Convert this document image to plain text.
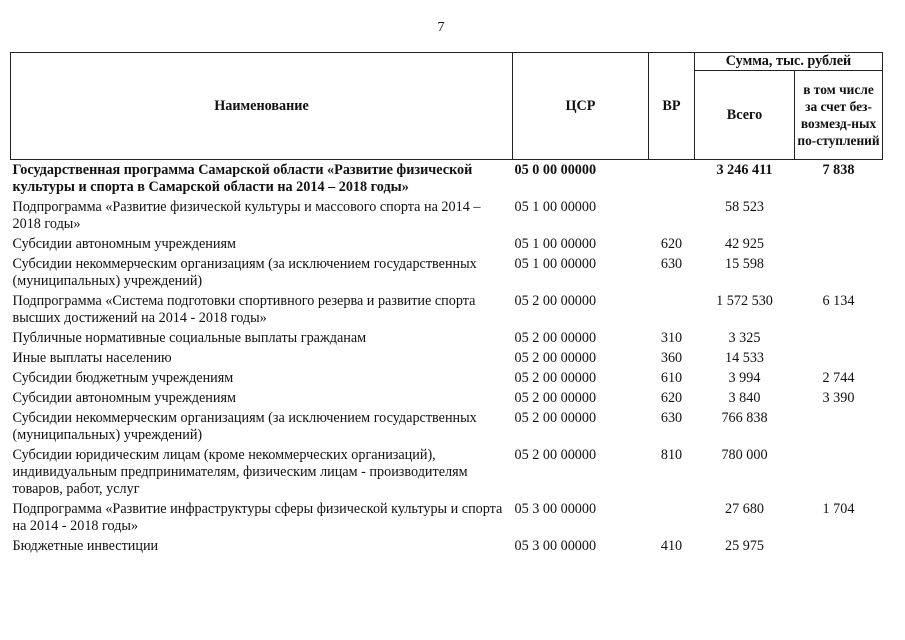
7
Наименование	ЦСР	ВР	Сумма, тыс. рублей	
			Всего	в том числе за счет без-возмезд-ных по-ступлений
Государственная программа Самарской области «Развитие физической культуры и спорта в Самарской области на 2014 – 2018 годы»	05 0 00 00000		3 246 411	7 838
Подпрограмма «Развитие физической культуры и массового спорта на 2014 – 2018 годы»	05 1 00 00000		58 523	
Субсидии автономным учреждениям	05 1 00 00000	620	42 925	
Субсидии некоммерческим организациям (за исключением государственных (муниципальных) учреждений)	05 1 00 00000	630	15 598	
Подпрограмма «Система подготовки спортивного резерва и развитие спорта высших достижений на 2014 - 2018 годы»	05 2 00 00000		1 572 530	6 134
Публичные нормативные социальные выплаты гражданам	05 2 00 00000	310	3 325	
Иные выплаты населению	05 2 00 00000	360	14 533	
Субсидии бюджетным учреждениям	05 2 00 00000	610	3 994	2 744
Субсидии автономным учреждениям	05 2 00 00000	620	3 840	3 390
Субсидии некоммерческим организациям (за исключением государственных (муниципальных) учреждений)	05 2 00 00000	630	766 838	
Субсидии юридическим лицам (кроме некоммерческих организаций), индивидуальным предпринимателям, физическим лицам - производителям товаров, работ, услуг	05 2 00 00000	810	780 000	
Подпрограмма «Развитие инфраструктуры сферы физической культуры и спорта на 2014 - 2018 годы»	05 3 00 00000		27 680	1 704
Бюджетные инвестиции	05 3 00 00000	410	25 975	
